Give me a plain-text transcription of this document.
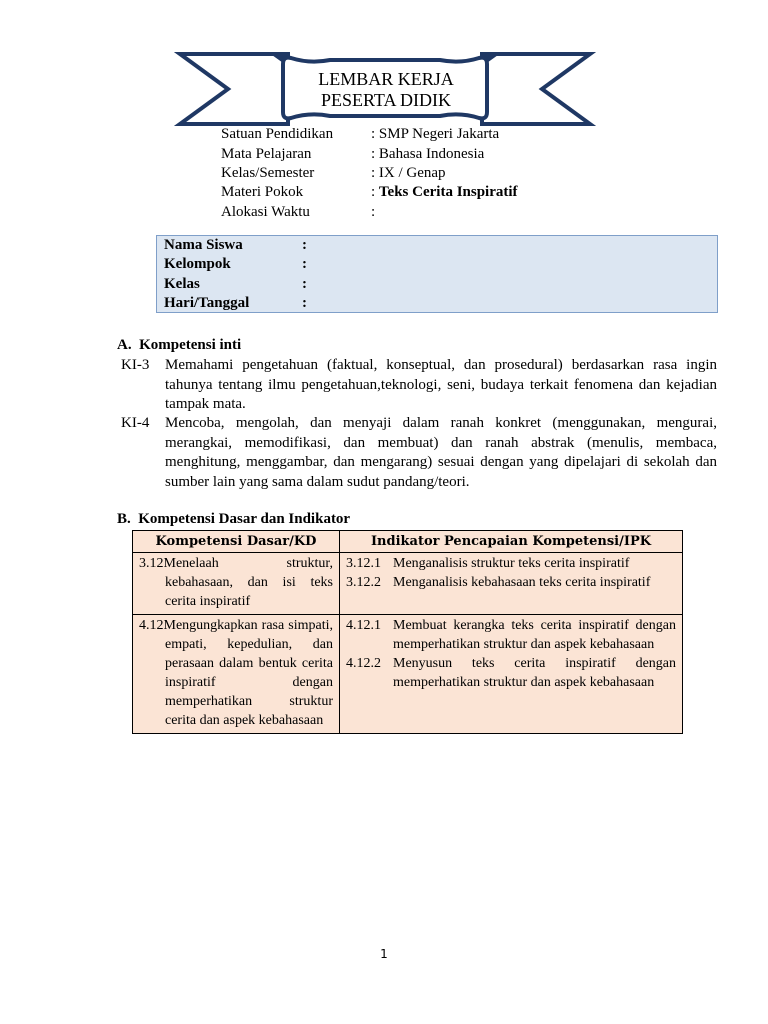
LEMBAR KERJA
PESERTA DIDIK
Satuan Pendidikan	: SMP Negeri Jakarta
Mata Pelajaran	: Bahasa Indonesia
Kelas/Semester	: IX / Genap
Materi Pokok	: Teks Cerita Inspiratif
Alokasi Waktu	:
Nama Siswa	:
Kelompok	:
Kelas	:
Hari/Tanggal	:
A.  Kompetensi inti
KI-3 Memahami pengetahuan (faktual, konseptual, dan prosedural) berdasarkan rasa ingin tahunya tentang ilmu pengetahuan,teknologi, seni, budaya terkait fenomena dan kejadian tampak mata.
KI-4 Mencoba, mengolah, dan menyaji dalam ranah konkret (menggunakan, mengurai, merangkai, memodifikasi, dan membuat) dan ranah abstrak (menulis, membaca, menghitung, menggambar, dan mengarang) sesuai dengan yang dipelajari di sekolah dan sumber lain yang sama dalam sudut pandang/teori.
B.  Kompetensi Dasar dan Indikator
Kompetensi Dasar/KD	Indikator Pencapaian Kompetensi/IPK

3.12Menelaah struktur, kebahasaan, dan isi teks cerita inspiratif	3.12.1 Menganalisis struktur teks cerita inspiratif
3.12.2 Menganalisis kebahasaan teks cerita inspiratif

4.12Mengungkapkan rasa simpati, empati, kepedulian, dan perasaan dalam bentuk cerita inspiratif dengan memperhatikan struktur cerita dan aspek kebahasaan	4.12.1 Membuat kerangka teks cerita inspiratif dengan memperhatikan struktur dan aspek kebahasaan
4.12.2 Menyusun teks cerita inspiratif dengan memperhatikan struktur dan aspek kebahasaan
1
